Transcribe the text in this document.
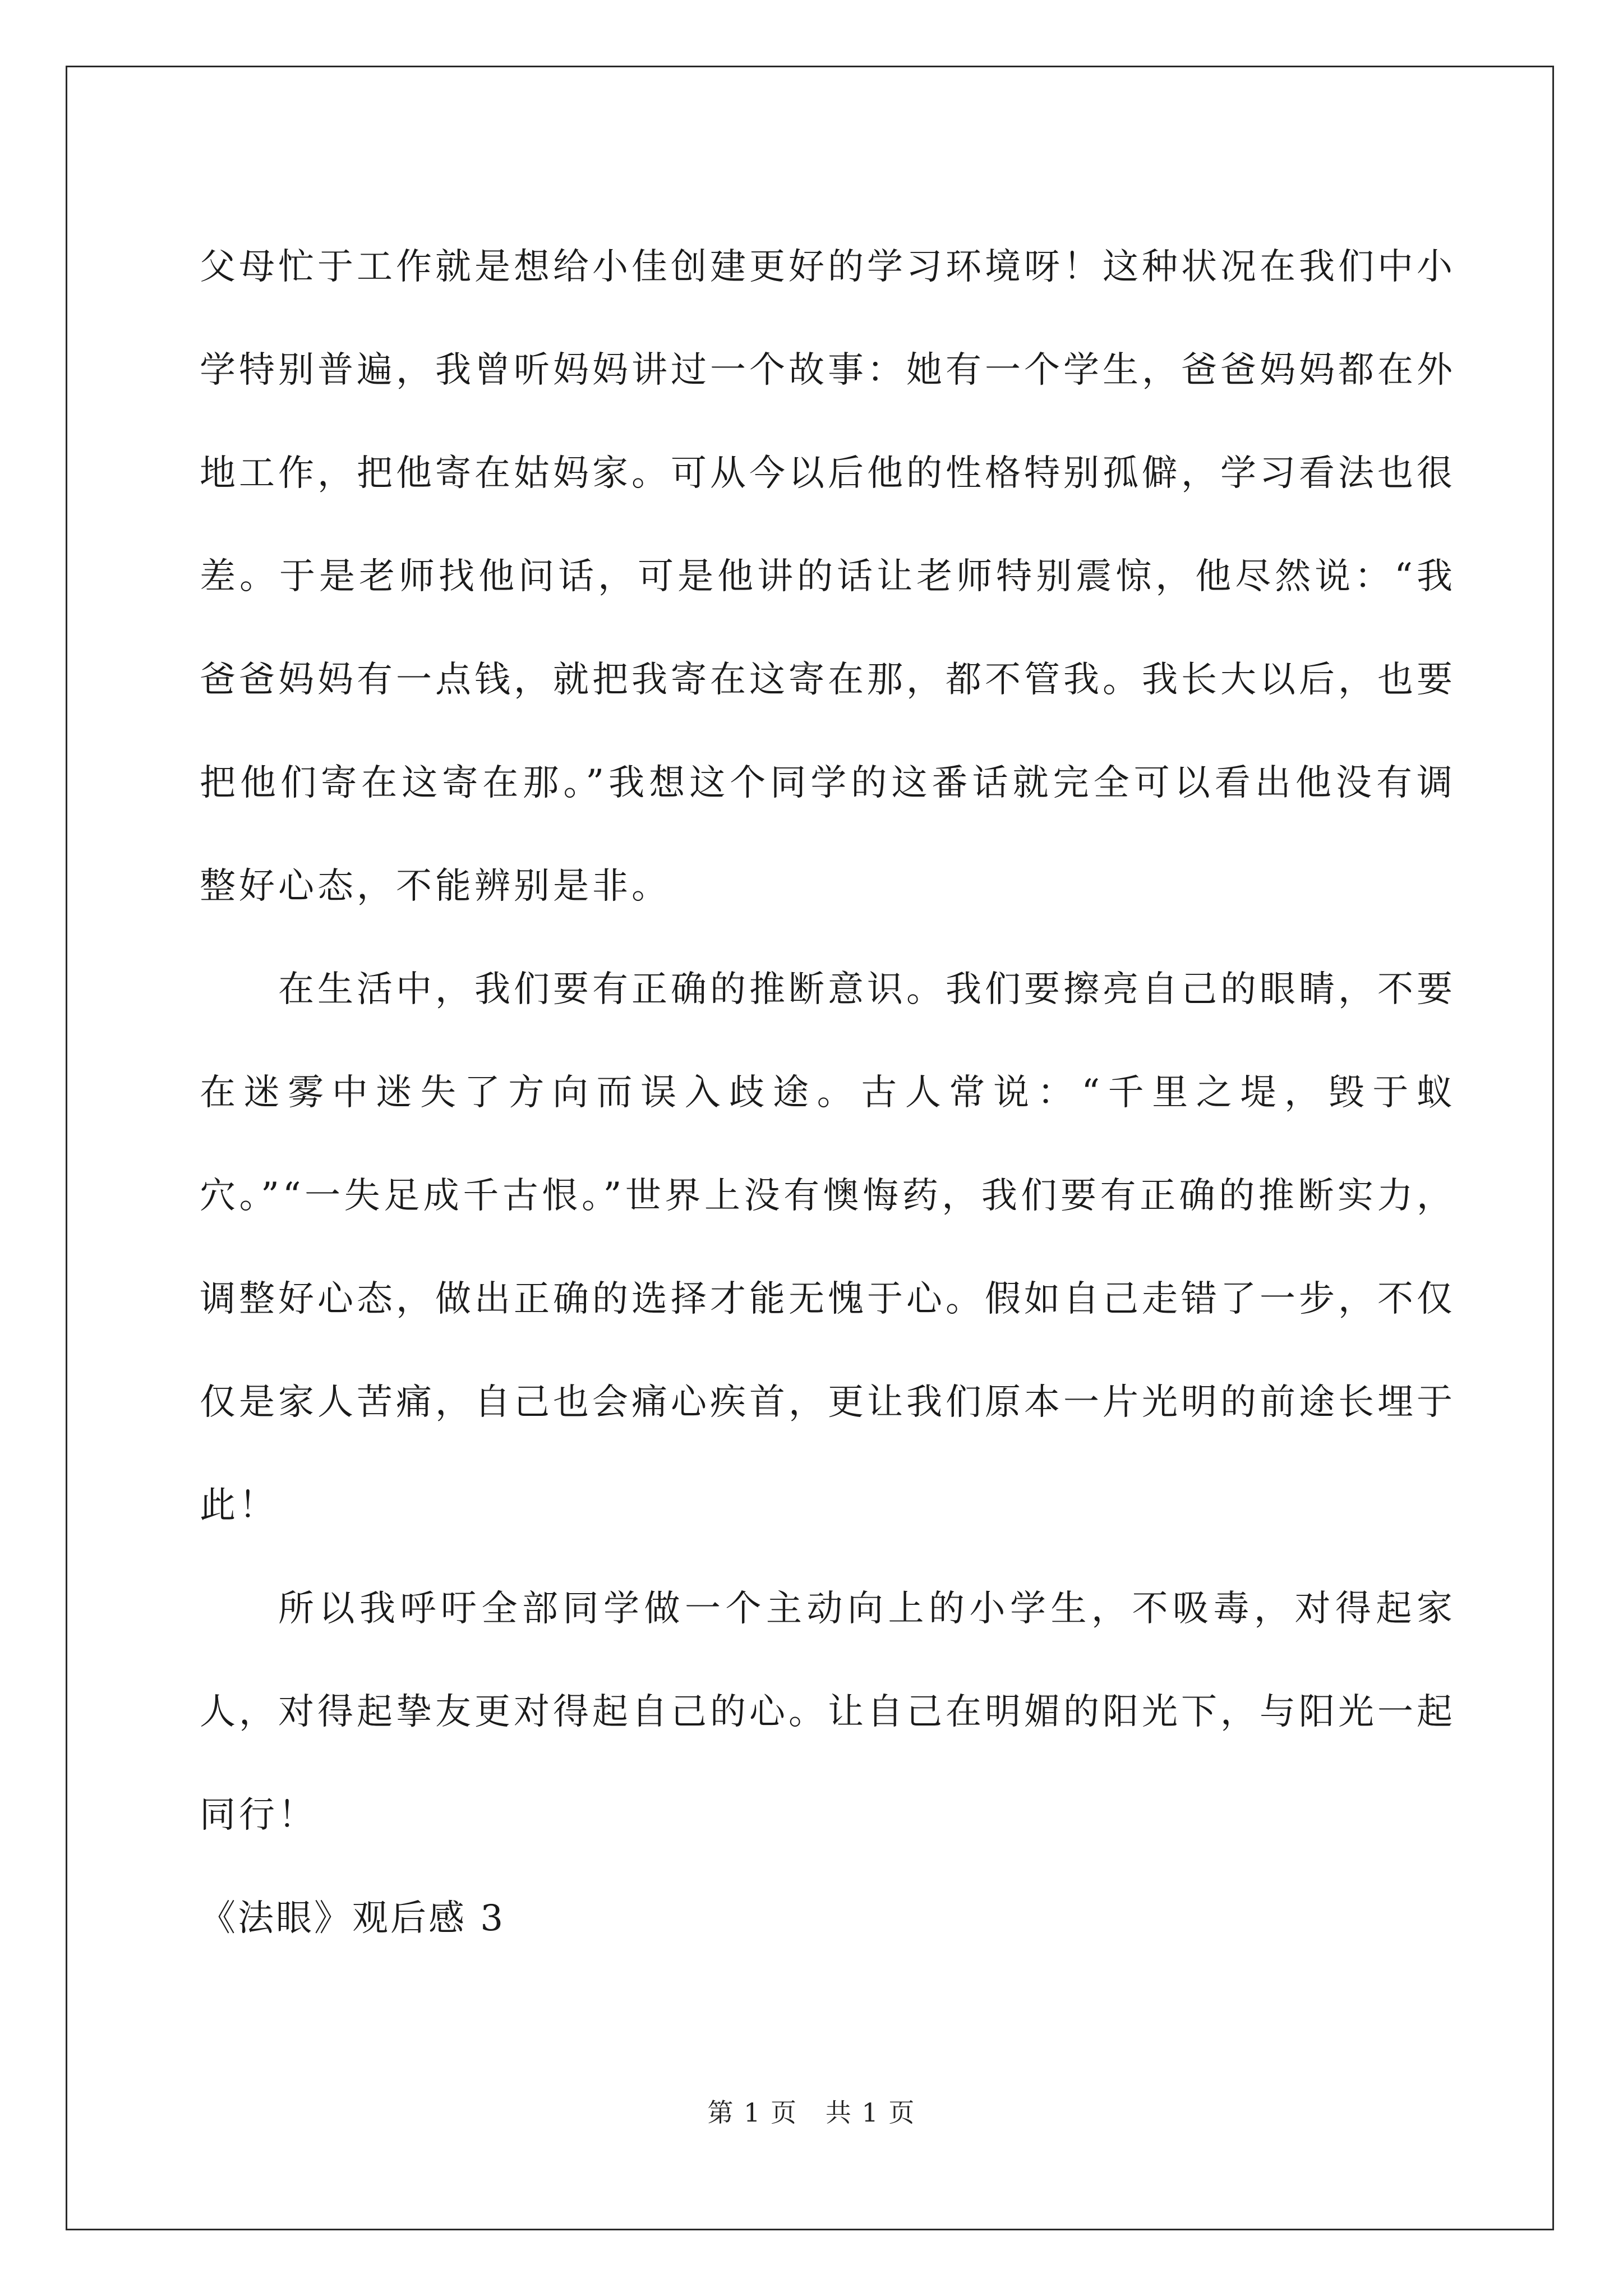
父母忙于工作就是想给小佳创建更好的学习环境呀！这种状况在我们中小学特别普遍，我曾听妈妈讲过一个故事：她有一个学生，爸爸妈妈都在外地工作，把他寄在姑妈家。可从今以后他的性格特别孤僻，学习看法也很差。于是老师找他问话，可是他讲的话让老师特别震惊，他尽然说：“我爸爸妈妈有一点钱，就把我寄在这寄在那，都不管我。我长大以后，也要把他们寄在这寄在那。”我想这个同学的这番话就完全可以看出他没有调整好心态，不能辨别是非。

在生活中，我们要有正确的推断意识。我们要擦亮自己的眼睛，不要在迷雾中迷失了方向而误入歧途。古人常说：“千里之堤，毁于蚁穴。”“一失足成千古恨。”世界上没有懊悔药，我们要有正确的推断实力，调整好心态，做出正确的选择才能无愧于心。假如自己走错了一步，不仅仅是家人苦痛，自己也会痛心疾首，更让我们原本一片光明的前途长埋于此！

所以我呼吁全部同学做一个主动向上的小学生，不吸毒，对得起家人，对得起挚友更对得起自己的心。让自己在明媚的阳光下，与阳光一起同行！

《法眼》观后感 3

第 1 页   共 1 页
